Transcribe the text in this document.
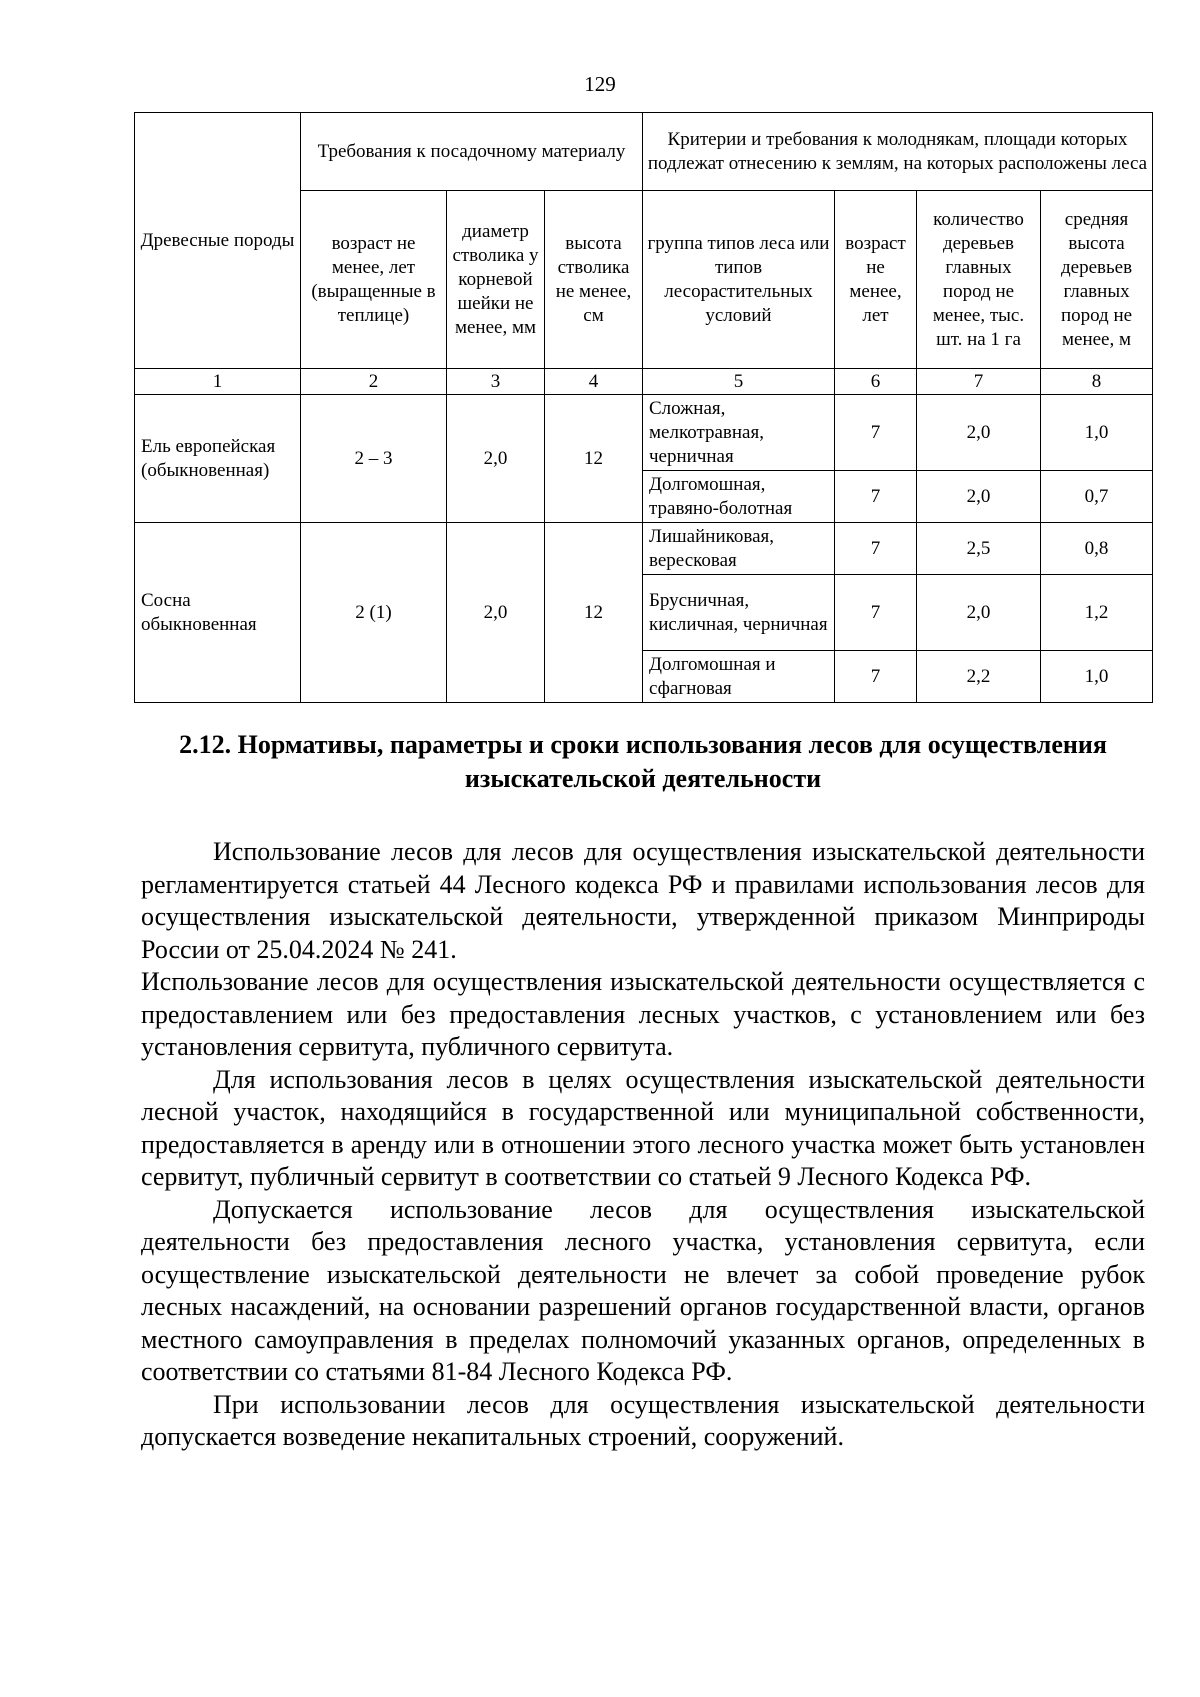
129
Древесные породы	Требования к посадочному материалу			Критерии и требования к молоднякам, площади которых подлежат отнесению к землям, на которых расположены леса			
	возраст не менее, лет (выращенные в теплице)	диаметр стволика у корневой шейки не менее, мм	высота стволика не менее, см	группа типов леса или типов лесорастительных условий	возраст не менее, лет	количество деревьев главных пород не менее, тыс. шт. на 1 га	средняя высота деревьев главных пород не менее, м
1	2	3	4	5	6	7	8
Ель европейская (обыкновенная)	2 – 3	2,0	12	Сложная, мелкотравная, черничная	7	2,0	1,0
				Долгомошная, травяно-болотная	7	2,0	0,7
Сосна обыкновенная	2 (1)	2,0	12	Лишайниковая, вересковая	7	2,5	0,8
				Брусничная, кисличная, черничная	7	2,0	1,2
				Долгомошная и сфагновая	7	2,2	1,0
2.12. Нормативы, параметры и сроки использования лесов для осуществления изыскательской деятельности

Использование лесов для лесов для осуществления изыскательской деятельности регламентируется статьей 44 Лесного кодекса РФ и правилами использования лесов для осуществления изыскательской деятельности, утвержденной приказом Минприроды России от 25.04.2024 № 241.

Использование лесов для осуществления изыскательской деятельности осуществляется с предоставлением или без предоставления лесных участков, с установлением или без установления сервитута, публичного сервитута.

Для использования лесов в целях осуществления изыскательской деятельности лесной участок, находящийся в государственной или муниципальной собственности, предоставляется в аренду или в отношении этого лесного участка может быть установлен сервитут, публичный сервитут в соответствии со статьей 9 Лесного Кодекса РФ.

Допускается использование лесов для осуществления изыскательской деятельности без предоставления лесного участка, установления сервитута, если осуществление изыскательской деятельности не влечет за собой проведение рубок лесных насаждений, на основании разрешений органов государственной власти, органов местного самоуправления в пределах полномочий указанных органов, определенных в соответствии со статьями 81-84 Лесного Кодекса РФ.

При использовании лесов для осуществления изыскательской деятельности допускается возведение некапитальных строений, сооружений.
